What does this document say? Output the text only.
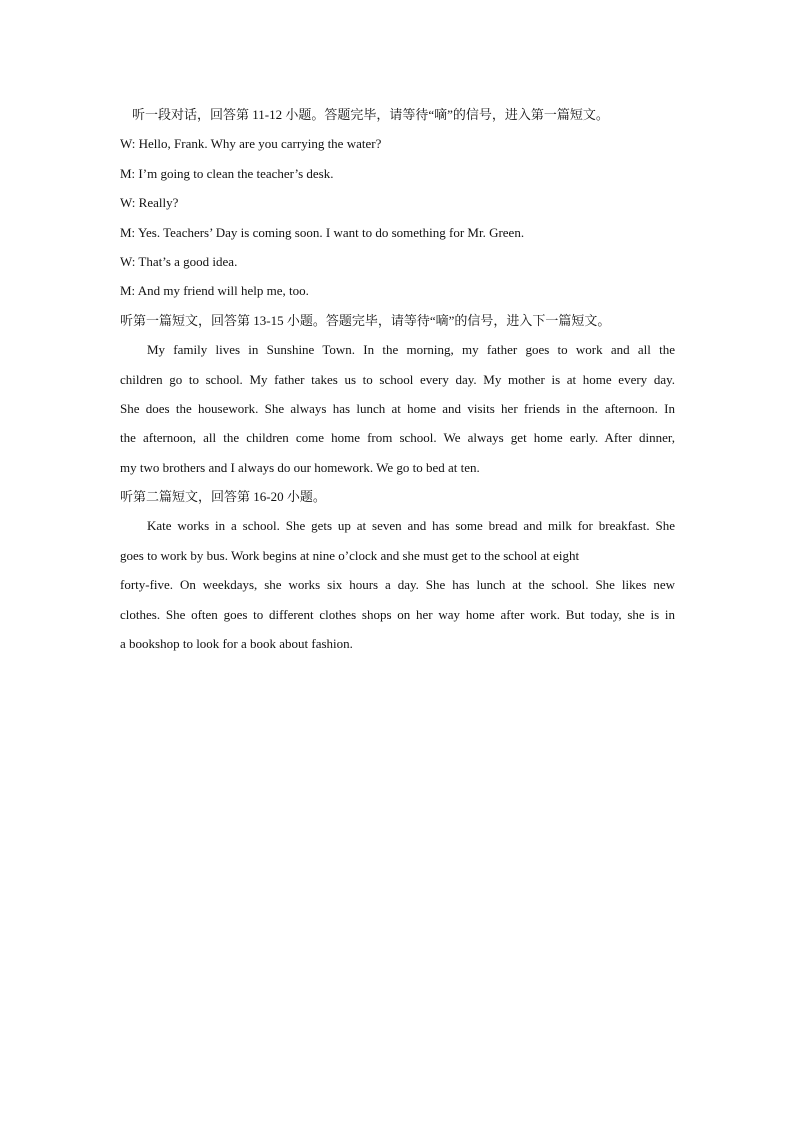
听一段对话，回答第 11-12 小题。答题完毕，请等待“嘀”的信号，进入第一篇短文。
W: Hello, Frank. Why are you carrying the water?
M: I’m going to clean the teacher’s desk.
W: Really?
M: Yes. Teachers’ Day is coming soon. I want to do something for Mr. Green.
W: That’s a good idea.
M: And my friend will help me, too.
听第一篇短文，回答第 13-15 小题。答题完毕，请等待“嘀”的信号，进入下一篇短文。
My family lives in Sunshine Town. In the morning, my father goes to work and all the
children go to school. My father takes us to school every day. My mother is at home every day.
She does the housework. She always has lunch at home and visits her friends in the afternoon. In
the afternoon, all the children come home from school. We always get home early. After dinner,
my two brothers and I always do our homework. We go to bed at ten.
听第二篇短文，回答第 16-20 小题。
Kate works in a school. She gets up at seven and has some bread and milk for breakfast. She
goes to work by bus. Work begins at nine o’clock and she must get to the school at eight
forty-five. On weekdays, she works six hours a day. She has lunch at the school. She likes new
clothes. She often goes to different clothes shops on her way home after work. But today, she is in
a bookshop to look for a book about fashion.
